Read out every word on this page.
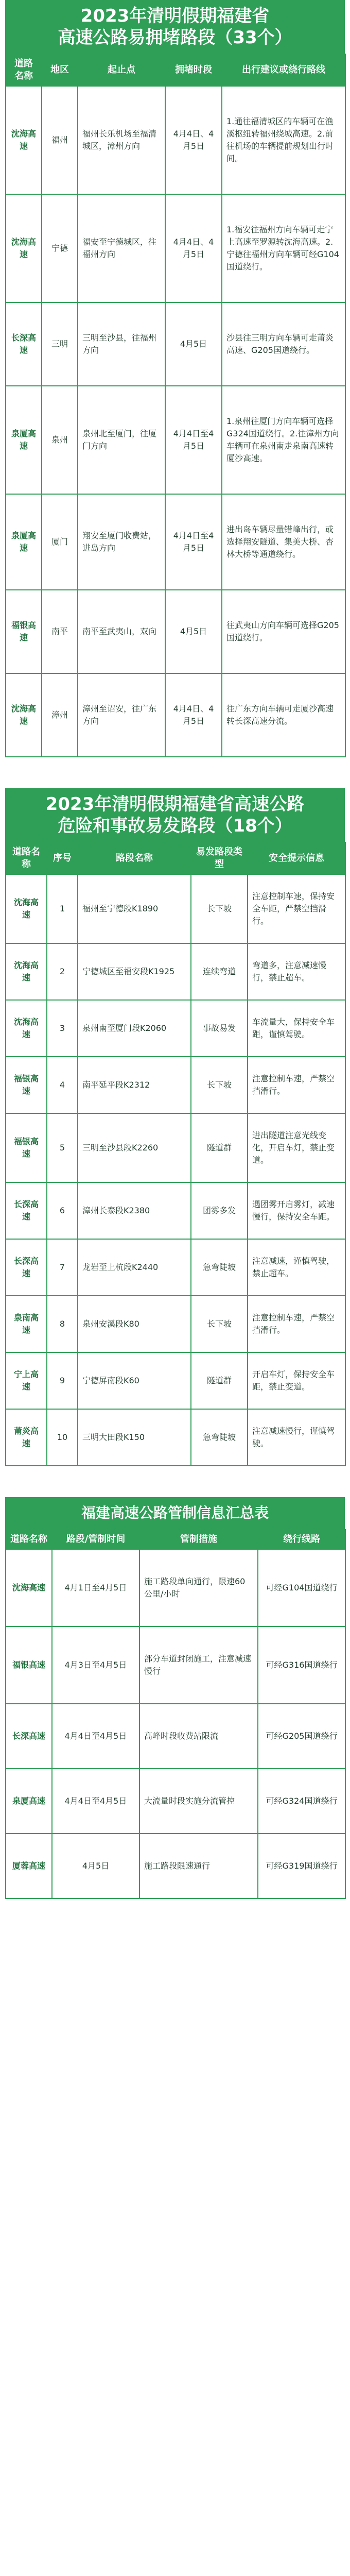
2023年清明假期福建省
高速公路易拥堵路段（33个）
道路名称	地区	起止点	拥堵时段	出行建议或绕行路线
沈海高速	福州	福州长乐机场至福清城区，漳州方向	4月4日、4月5日	1.通往福清城区的车辆可在渔溪枢纽转福州绕城高速。2.前往机场的车辆提前规划出行时间。
沈海高速	宁德	福安至宁德城区，往福州方向	4月4日、4月5日	1.福安往福州方向车辆可走宁上高速至罗源转沈海高速。2.宁德往福州方向车辆可经G104国道绕行。
长深高速	三明	三明至沙县，往福州方向	4月5日	沙县往三明方向车辆可走莆炎高速、G205国道绕行。
泉厦高速	泉州	泉州北至厦门，往厦门方向	4月4日至4月5日	1.泉州往厦门方向车辆可选择G324国道绕行。2.往漳州方向车辆可在泉州南走泉南高速转厦沙高速。
泉厦高速	厦门	翔安至厦门收费站，进岛方向	4月4日至4月5日	进出岛车辆尽量错峰出行，或选择翔安隧道、集美大桥、杏林大桥等通道绕行。
福银高速	南平	南平至武夷山，双向	4月5日	往武夷山方向车辆可选择G205国道绕行。
沈海高速	漳州	漳州至诏安，往广东方向	4月4日、4月5日	往广东方向车辆可走厦沙高速转长深高速分流。
2023年清明假期福建省高速公路
危险和事故易发路段（18个）
道路名称	序号	路段名称	易发路段类型	安全提示信息
沈海高速	1	福州至宁德段K1890	长下坡	注意控制车速，保持安全车距，严禁空挡滑行。
沈海高速	2	宁德城区至福安段K1925	连续弯道	弯道多，注意减速慢行，禁止超车。
沈海高速	3	泉州南至厦门段K2060	事故易发	车流量大，保持安全车距，谨慎驾驶。
福银高速	4	南平延平段K2312	长下坡	注意控制车速，严禁空挡滑行。
福银高速	5	三明至沙县段K2260	隧道群	进出隧道注意光线变化，开启车灯，禁止变道。
长深高速	6	漳州长泰段K2380	团雾多发	遇团雾开启雾灯，减速慢行，保持安全车距。
长深高速	7	龙岩至上杭段K2440	急弯陡坡	注意减速，谨慎驾驶，禁止超车。
泉南高速	8	泉州安溪段K80	长下坡	注意控制车速，严禁空挡滑行。
宁上高速	9	宁德屏南段K60	隧道群	开启车灯，保持安全车距，禁止变道。
莆炎高速	10	三明大田段K150	急弯陡坡	注意减速慢行，谨慎驾驶。
福建高速公路管制信息汇总表
道路名称	路段/管制时间	管制措施	绕行线路
沈海高速	4月1日至4月5日	施工路段单向通行，限速60公里/小时	可经G104国道绕行
福银高速	4月3日至4月5日	部分车道封闭施工，注意减速慢行	可经G316国道绕行
长深高速	4月4日至4月5日	高峰时段收费站限流	可经G205国道绕行
泉厦高速	4月4日至4月5日	大流量时段实施分流管控	可经G324国道绕行
厦蓉高速	4月5日	施工路段限速通行	可经G319国道绕行
